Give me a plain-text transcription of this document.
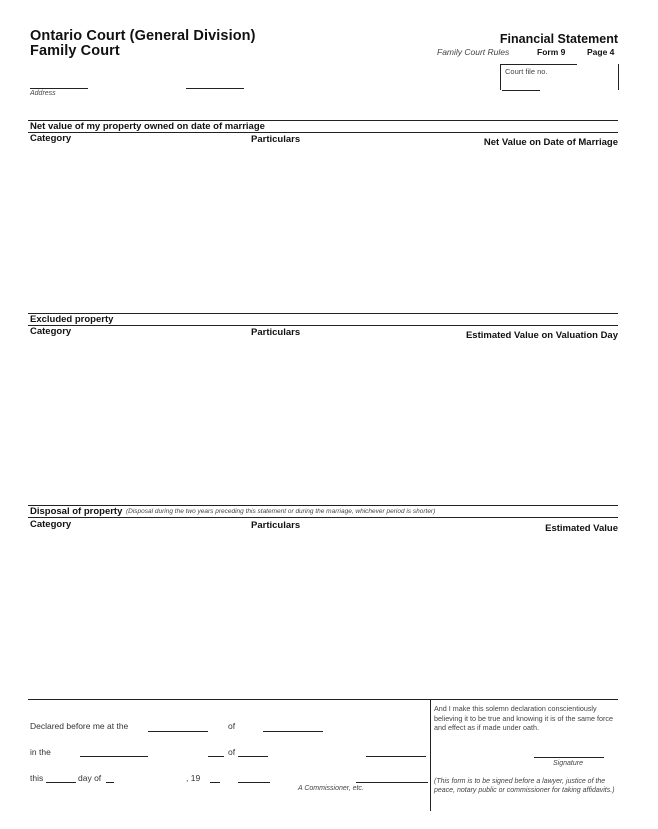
Ontario Court (General Division)
Family Court
Financial Statement
Family Court Rules	Form 9	Page 4
Court file no.
Address
Net value of my property owned on date of marriage
Category	Particulars	Net Value on Date of Marriage
Excluded property
Category	Particulars	Estimated Value on Valuation Day
Disposal of property (Disposal during the two years preceding this statement or during the marriage, whichever period is shorter)
Category	Particulars	Estimated Value
Declared before me at the	of
in the	of
this	day of	, 19
A Commissioner, etc.
And I make this solemn declaration conscientiously believing it to be true and knowing it is of the same force and effect as if made under oath.
Signature
(This form is to be signed before a lawyer, justice of the peace, notary public or commissioner for taking affidavits.)
